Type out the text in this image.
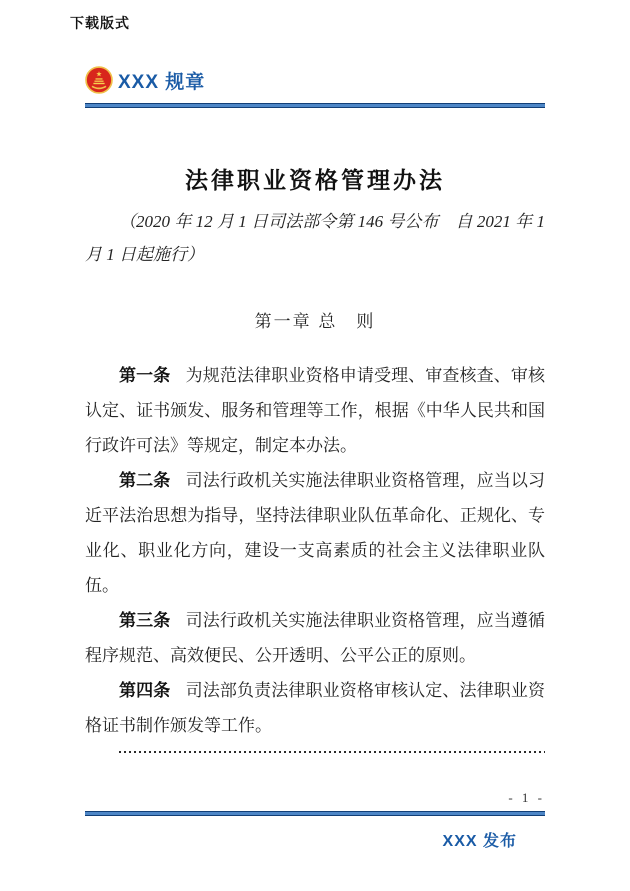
下载版式
XXX 规章
法律职业资格管理办法
（2020 年 12 月 1 日司法部令第 146 号公布　自 2021 年 1 月 1 日起施行）
第一章 总　则

第一条 为规范法律职业资格申请受理、审查核查、审核认定、证书颁发、服务和管理等工作，根据《中华人民共和国行政许可法》等规定，制定本办法。

第二条 司法行政机关实施法律职业资格管理，应当以习近平法治思想为指导，坚持法律职业队伍革命化、正规化、专业化、职业化方向，建设一支高素质的社会主义法律职业队伍。

第三条 司法行政机关实施法律职业资格管理，应当遵循程序规范、高效便民、公开透明、公平公正的原则。

第四条 司法部负责法律职业资格审核认定、法律职业资格证书制作颁发等工作。

- 1 -
XXX 发布
